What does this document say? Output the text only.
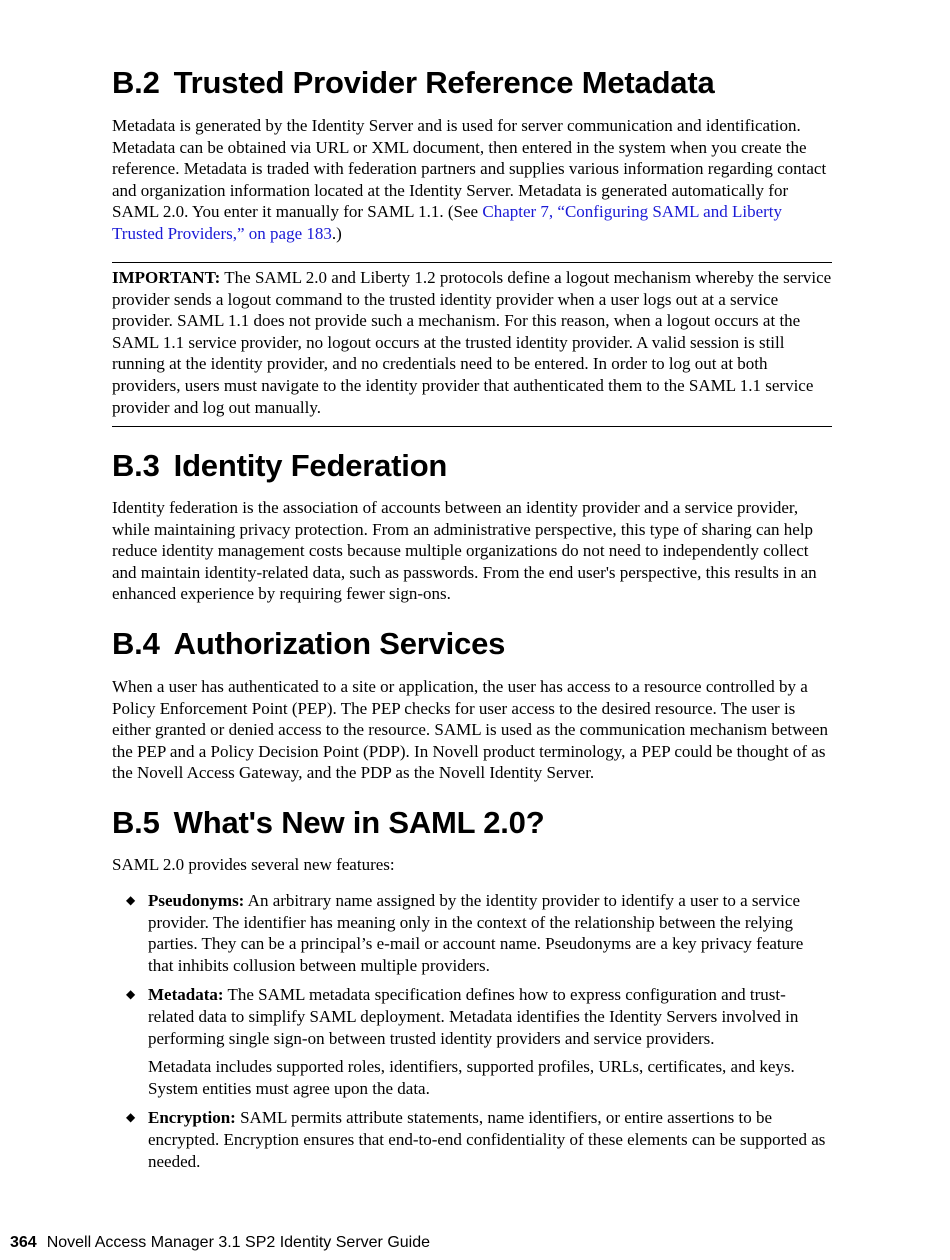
B.2 Trusted Provider Reference Metadata

Metadata is generated by the Identity Server and is used for server communication and identification. Metadata can be obtained via URL or XML document, then entered in the system when you create the reference. Metadata is traded with federation partners and supplies various information regarding contact and organization information located at the Identity Server. Metadata is generated automatically for SAML 2.0. You enter it manually for SAML 1.1. (See Chapter 7, “Configuring SAML and Liberty Trusted Providers,” on page 183.)

IMPORTANT: The SAML 2.0 and Liberty 1.2 protocols define a logout mechanism whereby the service provider sends a logout command to the trusted identity provider when a user logs out at a service provider. SAML 1.1 does not provide such a mechanism. For this reason, when a logout occurs at the SAML 1.1 service provider, no logout occurs at the trusted identity provider. A valid session is still running at the identity provider, and no credentials need to be entered. In order to log out at both providers, users must navigate to the identity provider that authenticated them to the SAML 1.1 service provider and log out manually.

B.3 Identity Federation

Identity federation is the association of accounts between an identity provider and a service provider, while maintaining privacy protection. From an administrative perspective, this type of sharing can help reduce identity management costs because multiple organizations do not need to independently collect and maintain identity-related data, such as passwords. From the end user's perspective, this results in an enhanced experience by requiring fewer sign-ons.

B.4 Authorization Services

When a user has authenticated to a site or application, the user has access to a resource controlled by a Policy Enforcement Point (PEP). The PEP checks for user access to the desired resource. The user is either granted or denied access to the resource. SAML is used as the communication mechanism between the PEP and a Policy Decision Point (PDP). In Novell product terminology, a PEP could be thought of as the Novell Access Gateway, and the PDP as the Novell Identity Server.

B.5 What's New in SAML 2.0?

SAML 2.0 provides several new features:

◆ Pseudonyms: An arbitrary name assigned by the identity provider to identify a user to a service provider. The identifier has meaning only in the context of the relationship between the relying parties. They can be a principal’s e-mail or account name. Pseudonyms are a key privacy feature that inhibits collusion between multiple providers.
◆ Metadata: The SAML metadata specification defines how to express configuration and trust-related data to simplify SAML deployment. Metadata identifies the Identity Servers involved in performing single sign-on between trusted identity providers and service providers.
Metadata includes supported roles, identifiers, supported profiles, URLs, certificates, and keys. System entities must agree upon the data.
◆ Encryption: SAML permits attribute statements, name identifiers, or entire assertions to be encrypted. Encryption ensures that end-to-end confidentiality of these elements can be supported as needed.
364 Novell Access Manager 3.1 SP2 Identity Server Guide
